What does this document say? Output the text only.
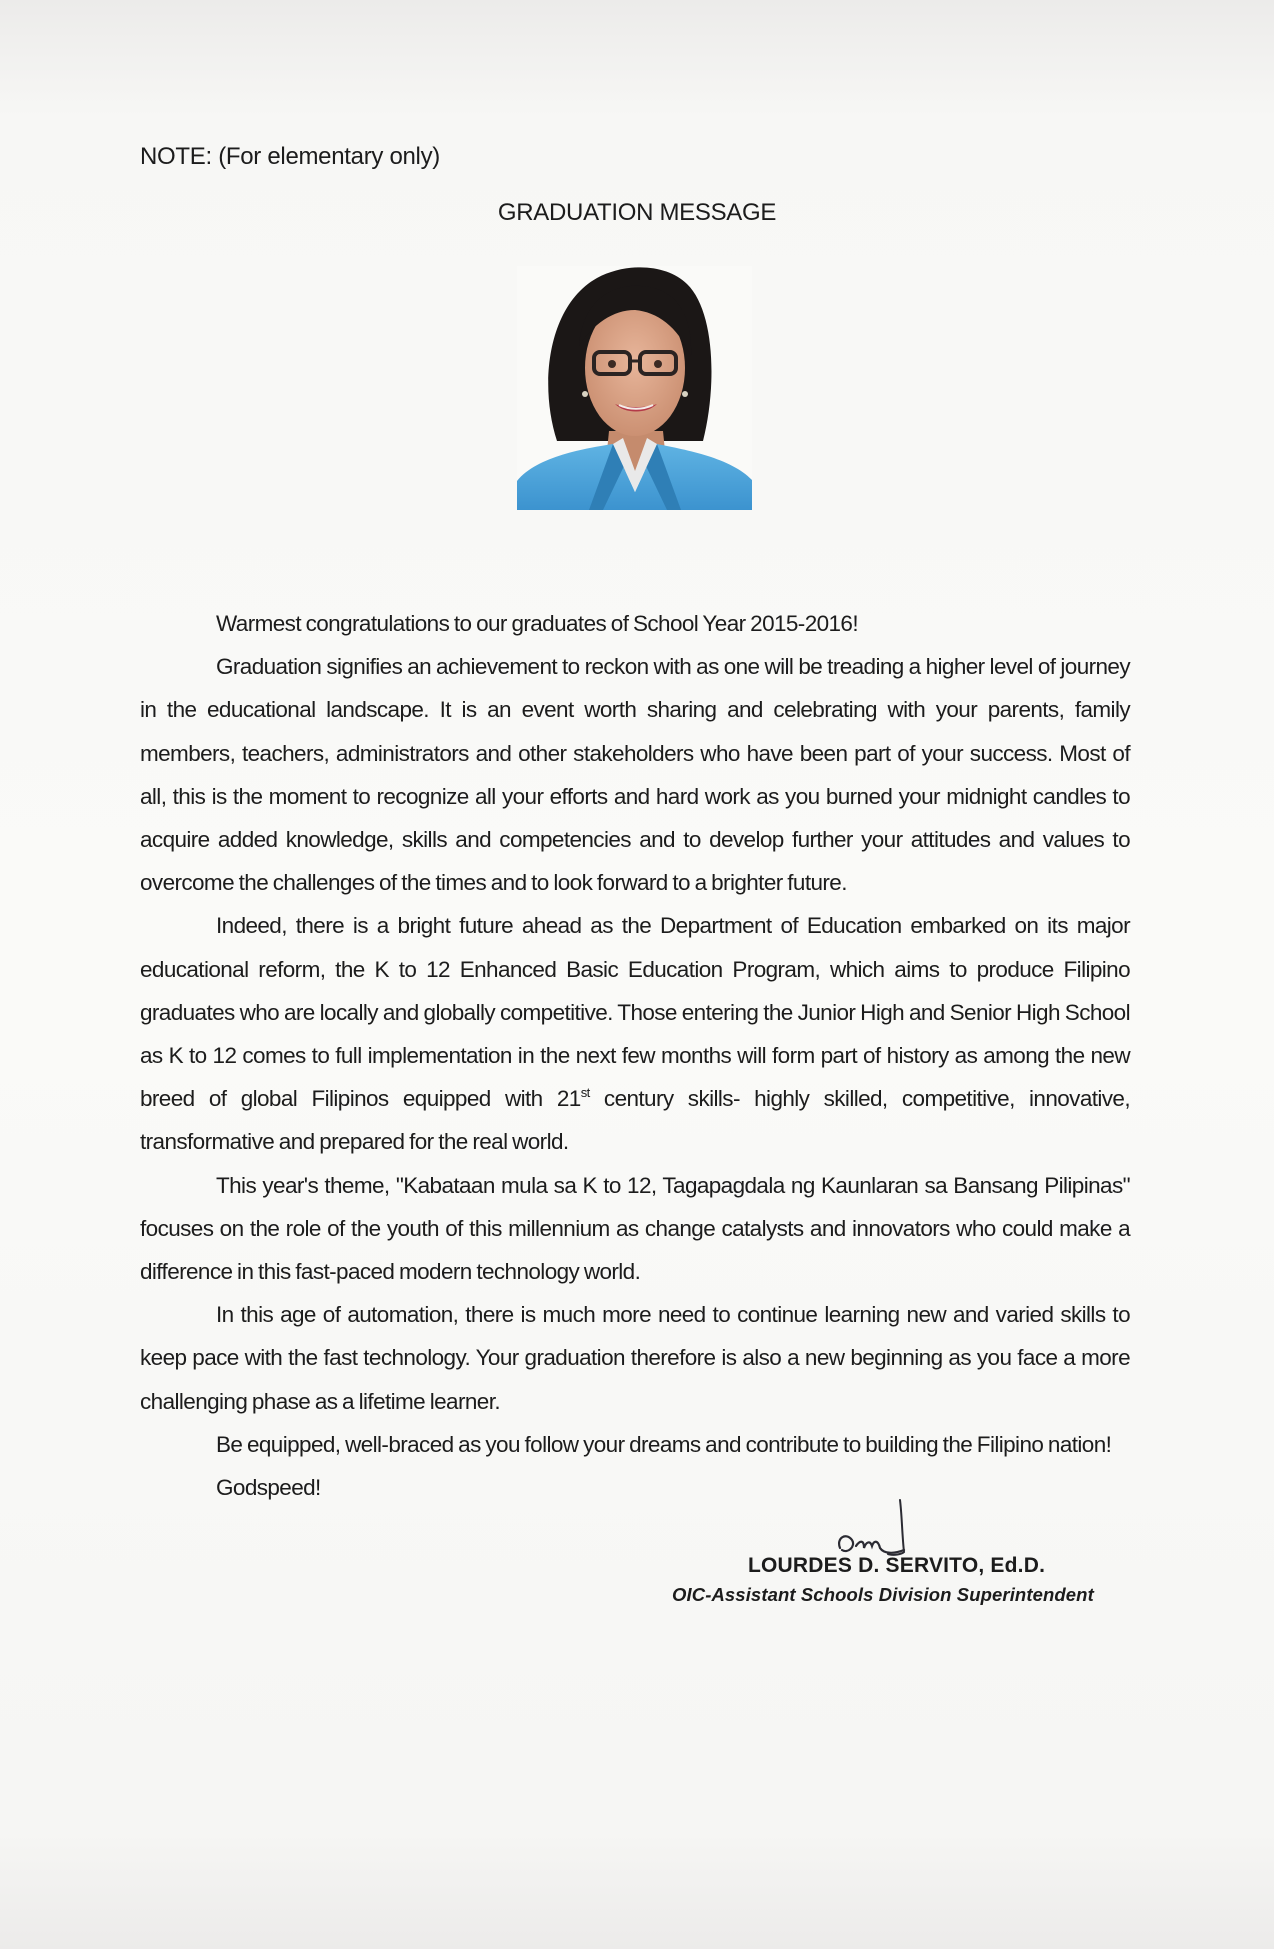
NOTE: (For elementary only)
GRADUATION MESSAGE

Warmest congratulations to our graduates of School Year 2015-2016!

Graduation signifies an achievement to reckon with as one will be treading a higher level of journey in the educational landscape. It is an event worth sharing and celebrating with your parents, family members, teachers, administrators and other stakeholders who have been part of your success. Most of all, this is the moment to recognize all your efforts and hard work as you burned your midnight candles to acquire added knowledge, skills and competencies and to develop further your attitudes and values to overcome the challenges of the times and to look forward to a brighter future.

Indeed, there is a bright future ahead as the Department of Education embarked on its major educational reform, the K to 12 Enhanced Basic Education Program, which aims to produce Filipino graduates who are locally and globally competitive. Those entering the Junior High and Senior High School as K to 12 comes to full implementation in the next few months will form part of history as among the new breed of global Filipinos equipped with 21st century skills- highly skilled, competitive, innovative, transformative and prepared for the real world.

This year's theme, "Kabataan mula sa K to 12, Tagapagdala ng Kaunlaran sa Bansang Pilipinas" focuses on the role of the youth of this millennium as change catalysts and innovators who could make a difference in this fast-paced modern technology world.

In this age of automation, there is much more need to continue learning new and varied skills to keep pace with the fast technology. Your graduation therefore is also a new beginning as you face a more challenging phase as a lifetime learner.

Be equipped, well-braced as you follow your dreams and contribute to building the Filipino nation!

Godspeed!

LOURDES D. SERVITO, Ed.D.
OIC-Assistant Schools Division Superintendent
